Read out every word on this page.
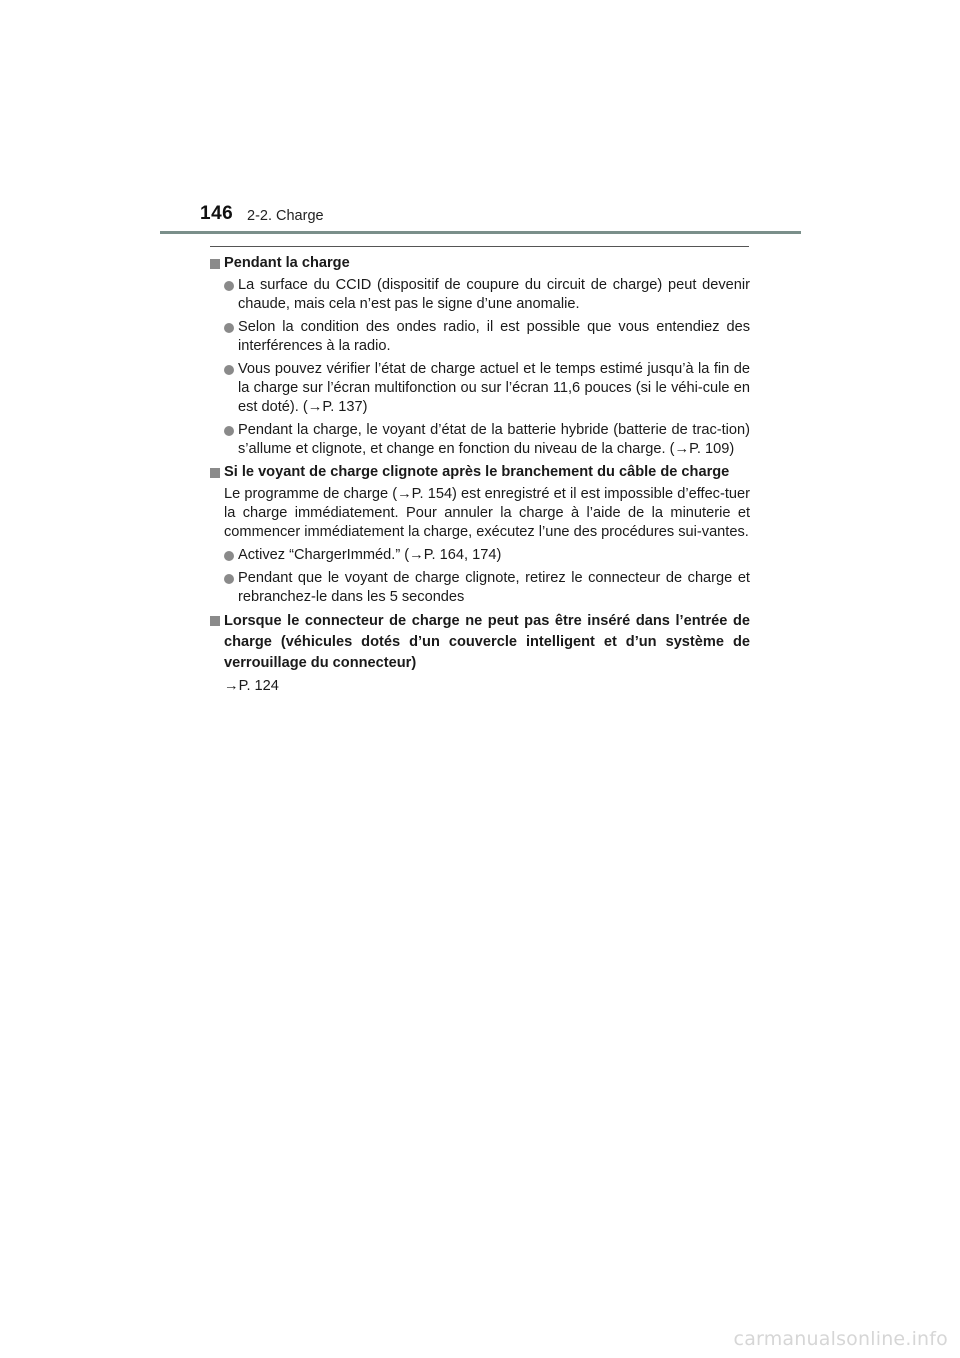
146 2-2. Charge
Pendant la charge
La surface du CCID (dispositif de coupure du circuit de charge) peut devenir chaude, mais cela n’est pas le signe d’une anomalie.
Selon la condition des ondes radio, il est possible que vous entendiez des interférences à la radio.
Vous pouvez vérifier l’état de charge actuel et le temps estimé jusqu’à la fin de la charge sur l’écran multifonction ou sur l’écran 11,6 pouces (si le véhi-cule en est doté). (→P. 137)
Pendant la charge, le voyant d’état de la batterie hybride (batterie de trac-tion) s’allume et clignote, et change en fonction du niveau de la charge. (→P. 109)
Si le voyant de charge clignote après le branchement du câble de charge
Le programme de charge (→P. 154) est enregistré et il est impossible d’effec-tuer la charge immédiatement. Pour annuler la charge à l’aide de la minuterie et commencer immédiatement la charge, exécutez l’une des procédures sui-vantes.
Activez “ChargerImméd.” (→P. 164, 174)
Pendant que le voyant de charge clignote, retirez le connecteur de charge et rebranchez-le dans les 5 secondes
Lorsque le connecteur de charge ne peut pas être inséré dans l’entrée de charge (véhicules dotés d’un couvercle intelligent et d’un système de verrouillage du connecteur)
→P. 124
carmanualsonline.info
